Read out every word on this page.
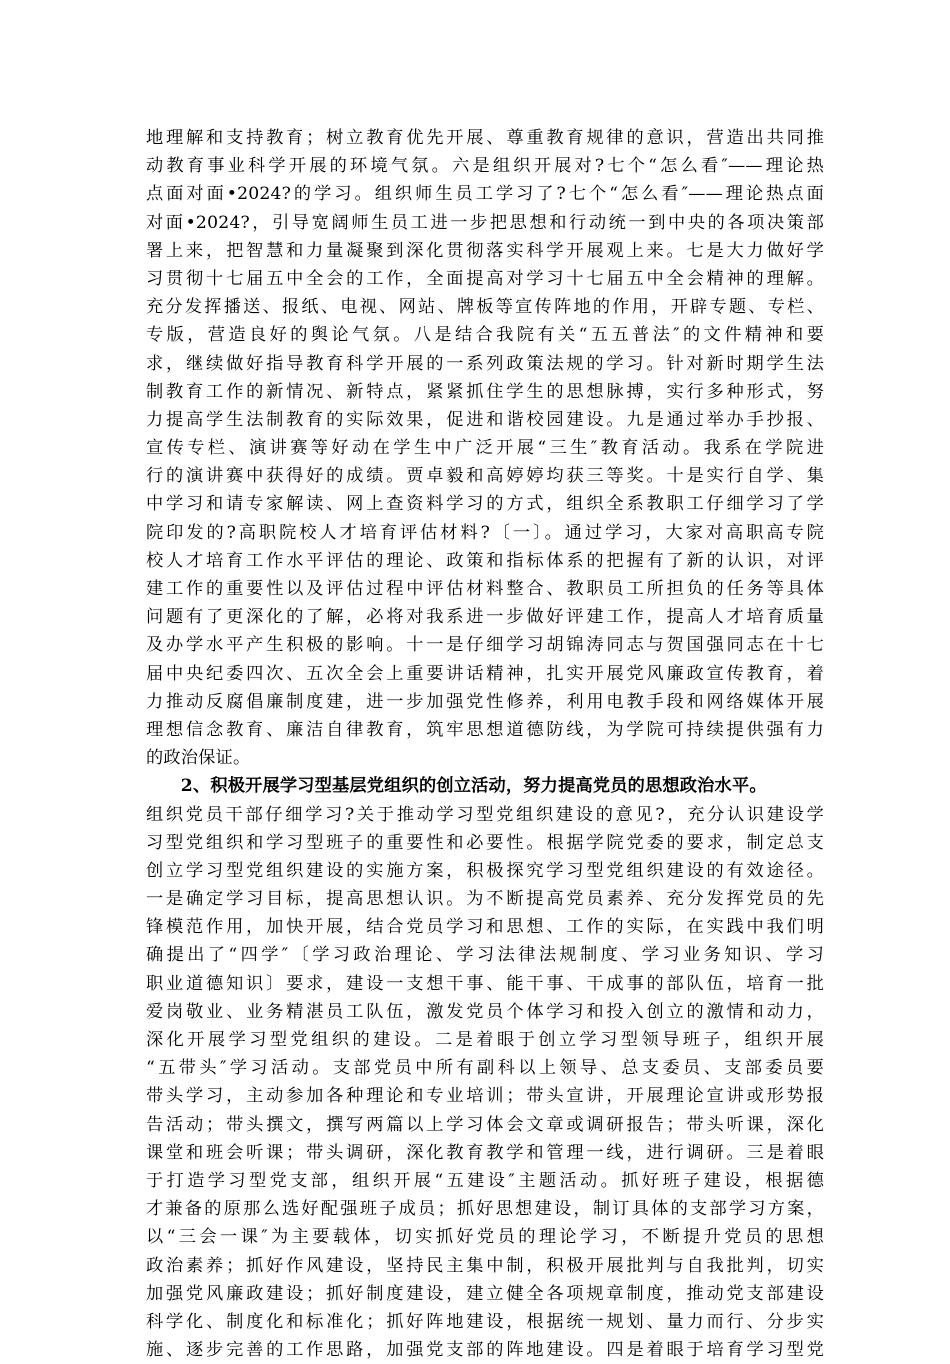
地理解和支持教育；树立教育优先开展、尊重教育规律的意识，营造出共同推
动教育事业科学开展的环境气氛。六是组织开展对?七个“怎么看″——理论热
点面对面•2024?的学习。组织师生员工学习了?七个“怎么看″——理论热点面
对面•2024?，引导宽阔师生员工进一步把思想和行动统一到中央的各项决策部
署上来，把智慧和力量凝聚到深化贯彻落实科学开展观上来。七是大力做好学
习贯彻十七届五中全会的工作，全面提高对学习十七届五中全会精神的理解。
充分发挥播送、报纸、电视、网站、牌板等宣传阵地的作用，开辟专题、专栏、
专版，营造良好的舆论气氛。八是结合我院有关“五五普法″的文件精神和要
求，继续做好指导教育科学开展的一系列政策法规的学习。针对新时期学生法
制教育工作的新情况、新特点，紧紧抓住学生的思想脉搏，实行多种形式，努
力提高学生法制教育的实际效果，促进和谐校园建设。九是通过举办手抄报、
宣传专栏、演讲赛等好动在学生中广泛开展“三生″教育活动。我系在学院进
行的演讲赛中获得好的成绩。贾卓毅和高婷婷均获三等奖。十是实行自学、集
中学习和请专家解读、网上查资料学习的方式，组织全系教职工仔细学习了学
院印发的?高职院校人才培育评估材料?〔一〕。通过学习，大家对高职高专院
校人才培育工作水平评估的理论、政策和指标体系的把握有了新的认识，对评
建工作的重要性以及评估过程中评估材料整合、教职员工所担负的任务等具体
问题有了更深化的了解，必将对我系进一步做好评建工作，提高人才培育质量
及办学水平产生积极的影响。十一是仔细学习胡锦涛同志与贺国强同志在十七
届中央纪委四次、五次全会上重要讲话精神，扎实开展党风廉政宣传教育，着
力推动反腐倡廉制度建，进一步加强党性修养，利用电教手段和网络媒体开展
理想信念教育、廉洁自律教育，筑牢思想道德防线，为学院可持续提供强有力
的政治保证。
　　2、积极开展学习型基层党组织的创立活动，努力提高党员的思想政治水平。
组织党员干部仔细学习?关于推动学习型党组织建设的意见?，充分认识建设学
习型党组织和学习型班子的重要性和必要性。根据学院党委的要求，制定总支
创立学习型党组织建设的实施方案，积极探究学习型党组织建设的有效途径。
一是确定学习目标，提高思想认识。为不断提高党员素养、充分发挥党员的先
锋模范作用，加快开展，结合党员学习和思想、工作的实际，在实践中我们明
确提出了“四学″〔学习政治理论、学习法律法规制度、学习业务知识、学习
职业道德知识〕要求，建设一支想干事、能干事、干成事的部队伍，培育一批
爱岗敬业、业务精湛员工队伍，激发党员个体学习和投入创立的激情和动力，
深化开展学习型党组织的建设。二是着眼于创立学习型领导班子，组织开展
“五带头″学习活动。支部党员中所有副科以上领导、总支委员、支部委员要
带头学习，主动参加各种理论和专业培训；带头宣讲，开展理论宣讲或形势报
告活动；带头撰文，撰写两篇以上学习体会文章或调研报告；带头听课，深化
课堂和班会听课；带头调研，深化教育教学和管理一线，进行调研。三是着眼
于打造学习型党支部，组织开展“五建设″主题活动。抓好班子建设，根据德
才兼备的原那么选好配强班子成员；抓好思想建设，制订具体的支部学习方案，
以“三会一课″为主要载体，切实抓好党员的理论学习，不断提升党员的思想
政治素养；抓好作风建设，坚持民主集中制，积极开展批判与自我批判，切实
加强党风廉政建设；抓好制度建设，建立健全各项规章制度，推动党支部建设
科学化、制度化和标准化；抓好阵地建设，根据统一规划、量力而行、分步实
施、逐步完善的工作思路，加强党支部的阵地建设。四是着眼于培育学习型党
